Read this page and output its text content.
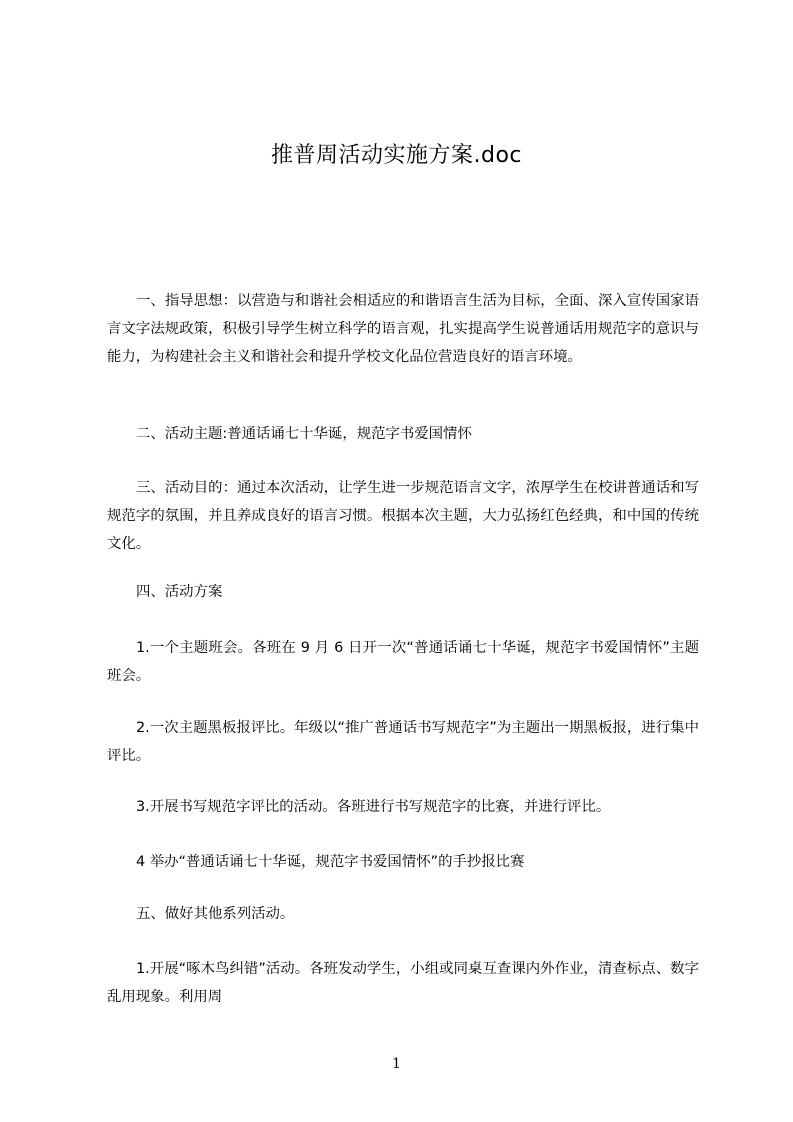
推普周活动实施方案.doc

一、指导思想：以营造与和谐社会相适应的和谐语言生活为目标，全面、深入宣传国家语言文字法规政策，积极引导学生树立科学的语言观，扎实提高学生说普通话用规范字的意识与能力，为构建社会主义和谐社会和提升学校文化品位营造良好的语言环境。

二、活动主题:普通话诵七十华诞，规范字书爱国情怀

三、活动目的：通过本次活动，让学生进一步规范语言文字，浓厚学生在校讲普通话和写规范字的氛围，并且养成良好的语言习惯。根据本次主题，大力弘扬红色经典，和中国的传统文化。

四、活动方案

1.一个主题班会。各班在 9 月 6 日开一次“普通话诵七十华诞，规范字书爱国情怀”主题班会。

2.一次主题黑板报评比。年级以“推广普通话书写规范字”为主题出一期黑板报，进行集中评比。

3.开展书写规范字评比的活动。各班进行书写规范字的比赛，并进行评比。

4 举办“普通话诵七十华诞，规范字书爱国情怀”的手抄报比赛

五、做好其他系列活动。

1.开展“啄木鸟纠错”活动。各班发动学生，小组或同桌互查课内外作业，清查标点、数字乱用现象。利用周

1
